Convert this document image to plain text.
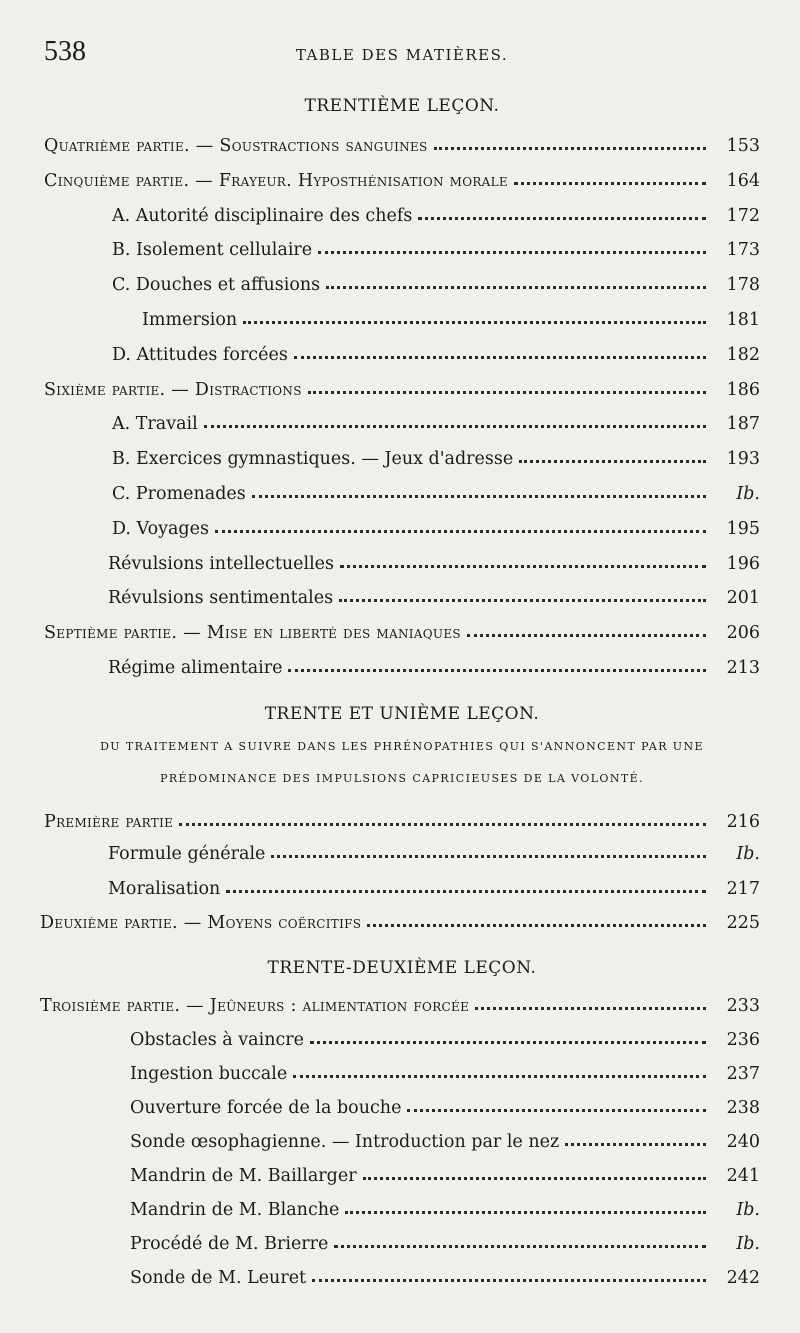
538	TABLE DES MATIÈRES.
TRENTIÈME LEÇON.
Quatrième partie. — Soustractions sanguines	153
Cinquième partie. — Frayeur. Hyposthénisation morale	164
A. Autorité disciplinaire des chefs	172
B. Isolement cellulaire	173
C. Douches et affusions	178
Immersion	181
D. Attitudes forcées	182
Sixième partie. — Distractions	186
A. Travail	187
B. Exercices gymnastiques. — Jeux d'adresse	193
C. Promenades	Ib.
D. Voyages	195
Révulsions intellectuelles	196
Révulsions sentimentales	201
Septième partie. — Mise en liberté des maniaques	206
Régime alimentaire	213
TRENTE ET UNIÈME LEÇON.
DU TRAITEMENT A SUIVRE DANS LES PHRÉNOPATHIES QUI S'ANNONCENT PAR UNE
PRÉDOMINANCE DES IMPULSIONS CAPRICIEUSES DE LA VOLONTÉ.
Première partie	216
Formule générale	Ib.
Moralisation	217
Deuxième partie. — Moyens coërcitifs	225
TRENTE-DEUXIÈME LEÇON.
Troisième partie. — Jeûneurs : alimentation forcée	233
Obstacles à vaincre	236
Ingestion buccale	237
Ouverture forcée de la bouche	238
Sonde œsophagienne. — Introduction par le nez	240
Mandrin de M. Baillarger	241
Mandrin de M. Blanche	Ib.
Procédé de M. Brierre	Ib.
Sonde de M. Leuret	242
